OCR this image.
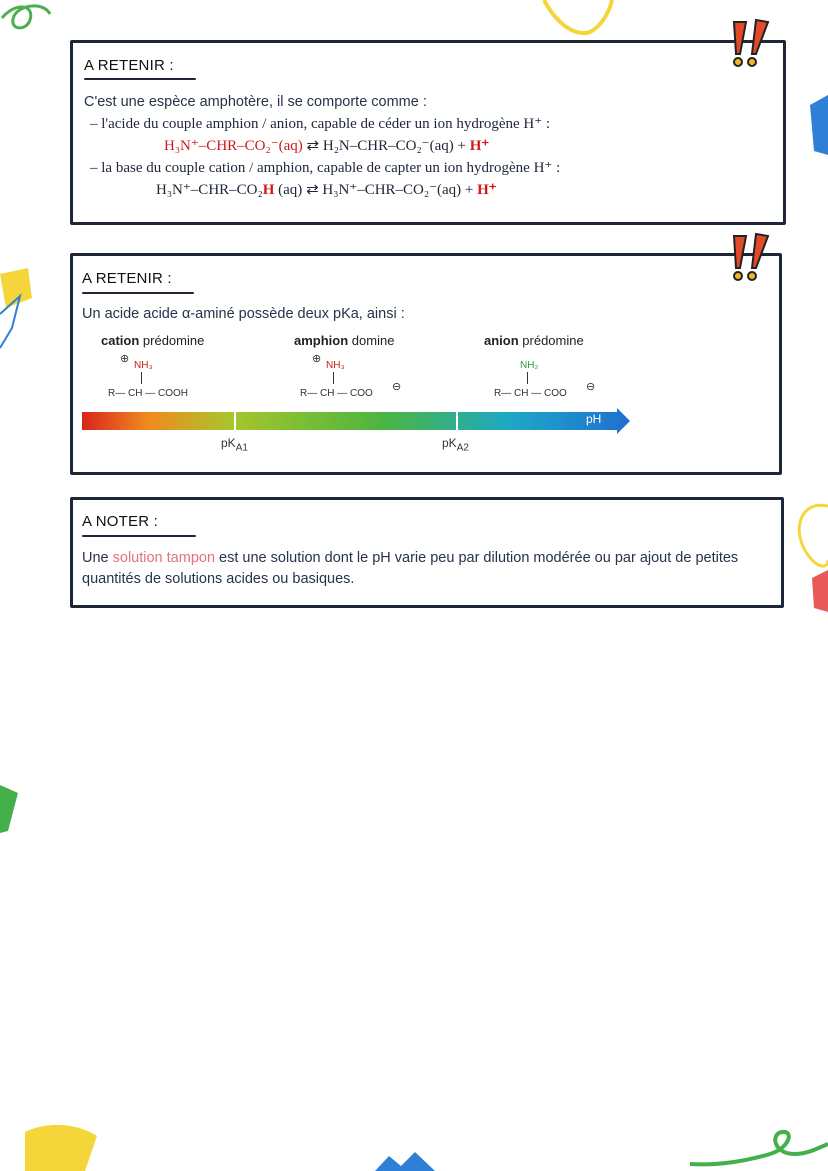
A RETENIR :
C'est une espèce amphotère, il se comporte comme :
– l'acide du couple amphion / anion, capable de céder un ion hydrogène H⁺ :
H₃N⁺–CHR–CO₂⁻(aq) ⇄ H₂N–CHR–CO₂⁻(aq) + H⁺
– la base du couple cation / amphion, capable de capter un ion hydrogène H⁺ :
H₃N⁺–CHR–CO₂H (aq) ⇄ H₃N⁺–CHR–CO₂⁻(aq) + H⁺
A RETENIR :
Un acide acide α-aminé possède deux pKa, ainsi :
cation prédomine	amphion domine	anion prédomine
⊕
NH₃
R— CH — COOH
⊕
NH₃
R— CH — COO
⊖
NH₂
R— CH — COO
⊖
pH
$pK_{A1}$	$pK_{A2}$
A NOTER :
Une solution tampon est une solution dont le pH varie peu par dilution modérée ou par ajout de petites quantités de solutions acides ou basiques.
